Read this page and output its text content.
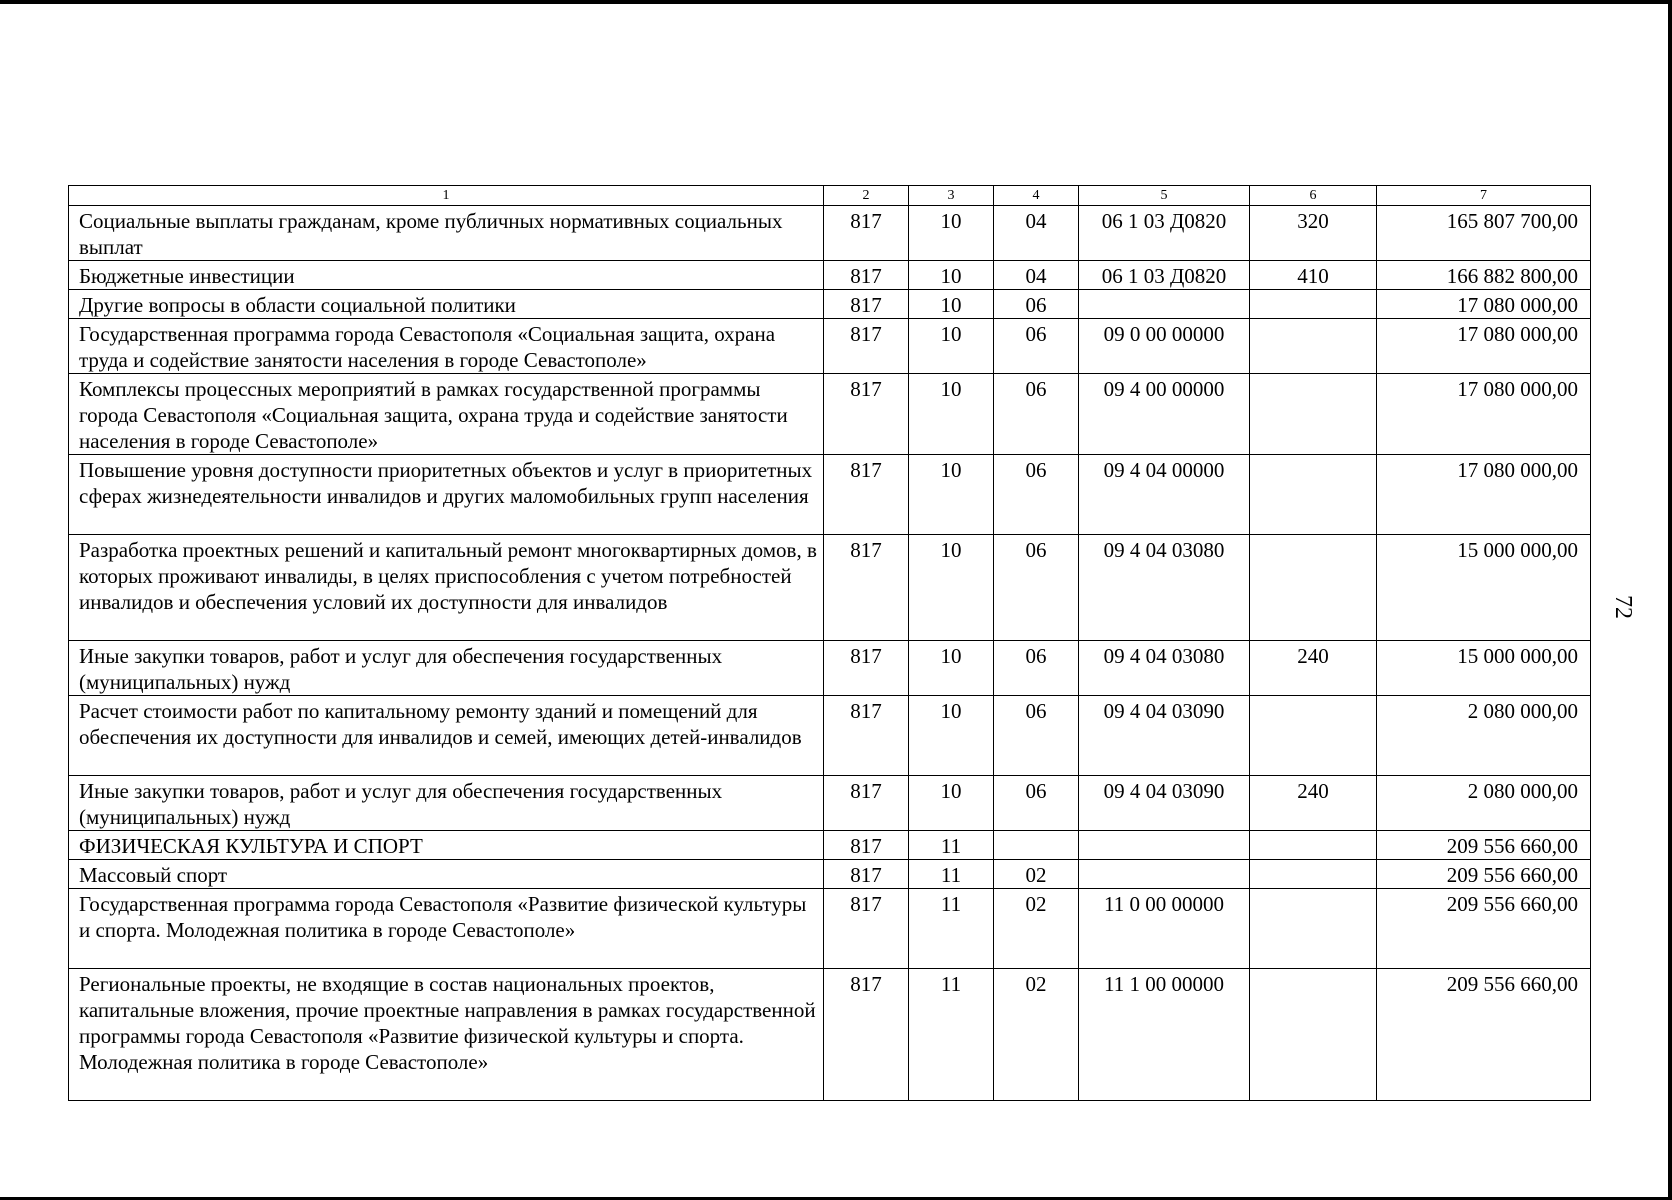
72
1	2	3	4	5	6	7
Социальные выплаты гражданам, кроме публичных нормативных социальных выплат	817	10	04	06 1 03 Д0820	320	165 807 700,00
Бюджетные инвестиции	817	10	04	06 1 03 Д0820	410	166 882 800,00
Другие вопросы в области социальной политики	817	10	06			17 080 000,00
Государственная программа города Севастополя «Социальная защита, охрана труда и содействие занятости населения в городе Севастополе»	817	10	06	09 0 00 00000		17 080 000,00
Комплексы процессных мероприятий в рамках государственной программы города Севастополя «Социальная защита, охрана труда и содействие занятости населения в городе Севастополе»	817	10	06	09 4 00 00000		17 080 000,00
Повышение уровня доступности приоритетных объектов и услуг в приоритетных сферах жизнедеятельности инвалидов и других маломобильных групп населения	817	10	06	09 4 04 00000		17 080 000,00
Разработка проектных решений и капитальный ремонт многоквартирных домов, в которых проживают инвалиды, в целях приспособления с учетом потребностей инвалидов и обеспечения условий их доступности для инвалидов	817	10	06	09 4 04 03080		15 000 000,00
Иные закупки товаров, работ и услуг для обеспечения государственных (муниципальных) нужд	817	10	06	09 4 04 03080	240	15 000 000,00
Расчет стоимости работ по капитальному ремонту зданий и помещений для обеспечения их доступности для инвалидов и семей, имеющих детей-инвалидов	817	10	06	09 4 04 03090		2 080 000,00
Иные закупки товаров, работ и услуг для обеспечения государственных (муниципальных) нужд	817	10	06	09 4 04 03090	240	2 080 000,00
ФИЗИЧЕСКАЯ КУЛЬТУРА И СПОРТ	817	11				209 556 660,00
Массовый спорт	817	11	02			209 556 660,00
Государственная программа города Севастополя «Развитие физической культуры и спорта. Молодежная политика в городе Севастополе»	817	11	02	11 0 00 00000		209 556 660,00
Региональные проекты, не входящие в состав национальных проектов, капитальные вложения, прочие проектные направления в рамках государственной программы города Севастополя «Развитие физической культуры и спорта. Молодежная политика в городе Севастополе»	817	11	02	11 1 00 00000		209 556 660,00
